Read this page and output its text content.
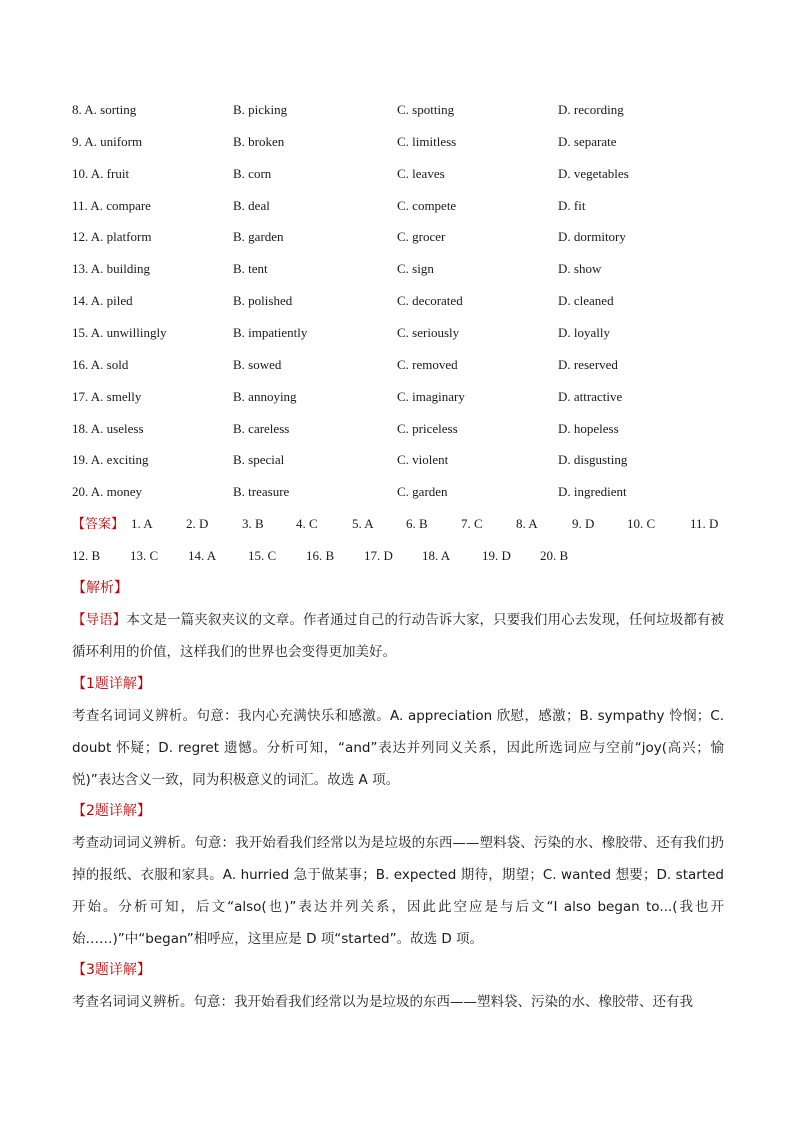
8. A. sorting	B. picking	C. spotting	D. recording
9. A. uniform	B. broken	C. limitless	D. separate
10. A. fruit	B. corn	C. leaves	D. vegetables
11. A. compare	B. deal	C. compete	D. fit
12. A. platform	B. garden	C. grocer	D. dormitory
13. A. building	B. tent	C. sign	D. show
14. A. piled	B. polished	C. decorated	D. cleaned
15. A. unwillingly	B. impatiently	C. seriously	D. loyally
16. A. sold	B. sowed	C. removed	D. reserved
17. A. smelly	B. annoying	C. imaginary	D. attractive
18. A. useless	B. careless	C. priceless	D. hopeless
19. A. exciting	B. special	C. violent	D. disgusting
20. A. money	B. treasure	C. garden	D. ingredient
【答案】 1. A	2. D	3. B 4. C	5. A 6. B	7. C	8. A	9. D	10. C	11. D
12. B 13. C 14. A 15. C 16. B 17. D 18. A 19. D 20. B
【解析】
【导语】本文是一篇夹叙夹议的文章。作者通过自己的行动告诉大家，只要我们用心去发现，任何垃圾都有被循环利用的价值，这样我们的世界也会变得更加美好。
【1题详解】
考查名词词义辨析。句意：我内心充满快乐和感激。A. appreciation 欣慰，感激；B. sympathy 怜悯；C. doubt 怀疑；D. regret 遗憾。分析可知，“and”表达并列同义关系，因此所选词应与空前“joy(高兴；愉悦)”表达含义一致，同为积极意义的词汇。故选 A 项。
【2题详解】
考查动词词义辨析。句意：我开始看我们经常以为是垃圾的东西——塑料袋、污染的水、橡胶带、还有我们扔掉的报纸、衣服和家具。A. hurried 急于做某事；B. expected 期待，期望；C. wanted 想要；D. started 开始。分析可知，后文“also(也)”表达并列关系，因此此空应是与后文“I also began to...(我也开始……)”中“began”相呼应，这里应是 D 项“started”。故选 D 项。
【3题详解】
考查名词词义辨析。句意：我开始看我们经常以为是垃圾的东西——塑料袋、污染的水、橡胶带、还有我
